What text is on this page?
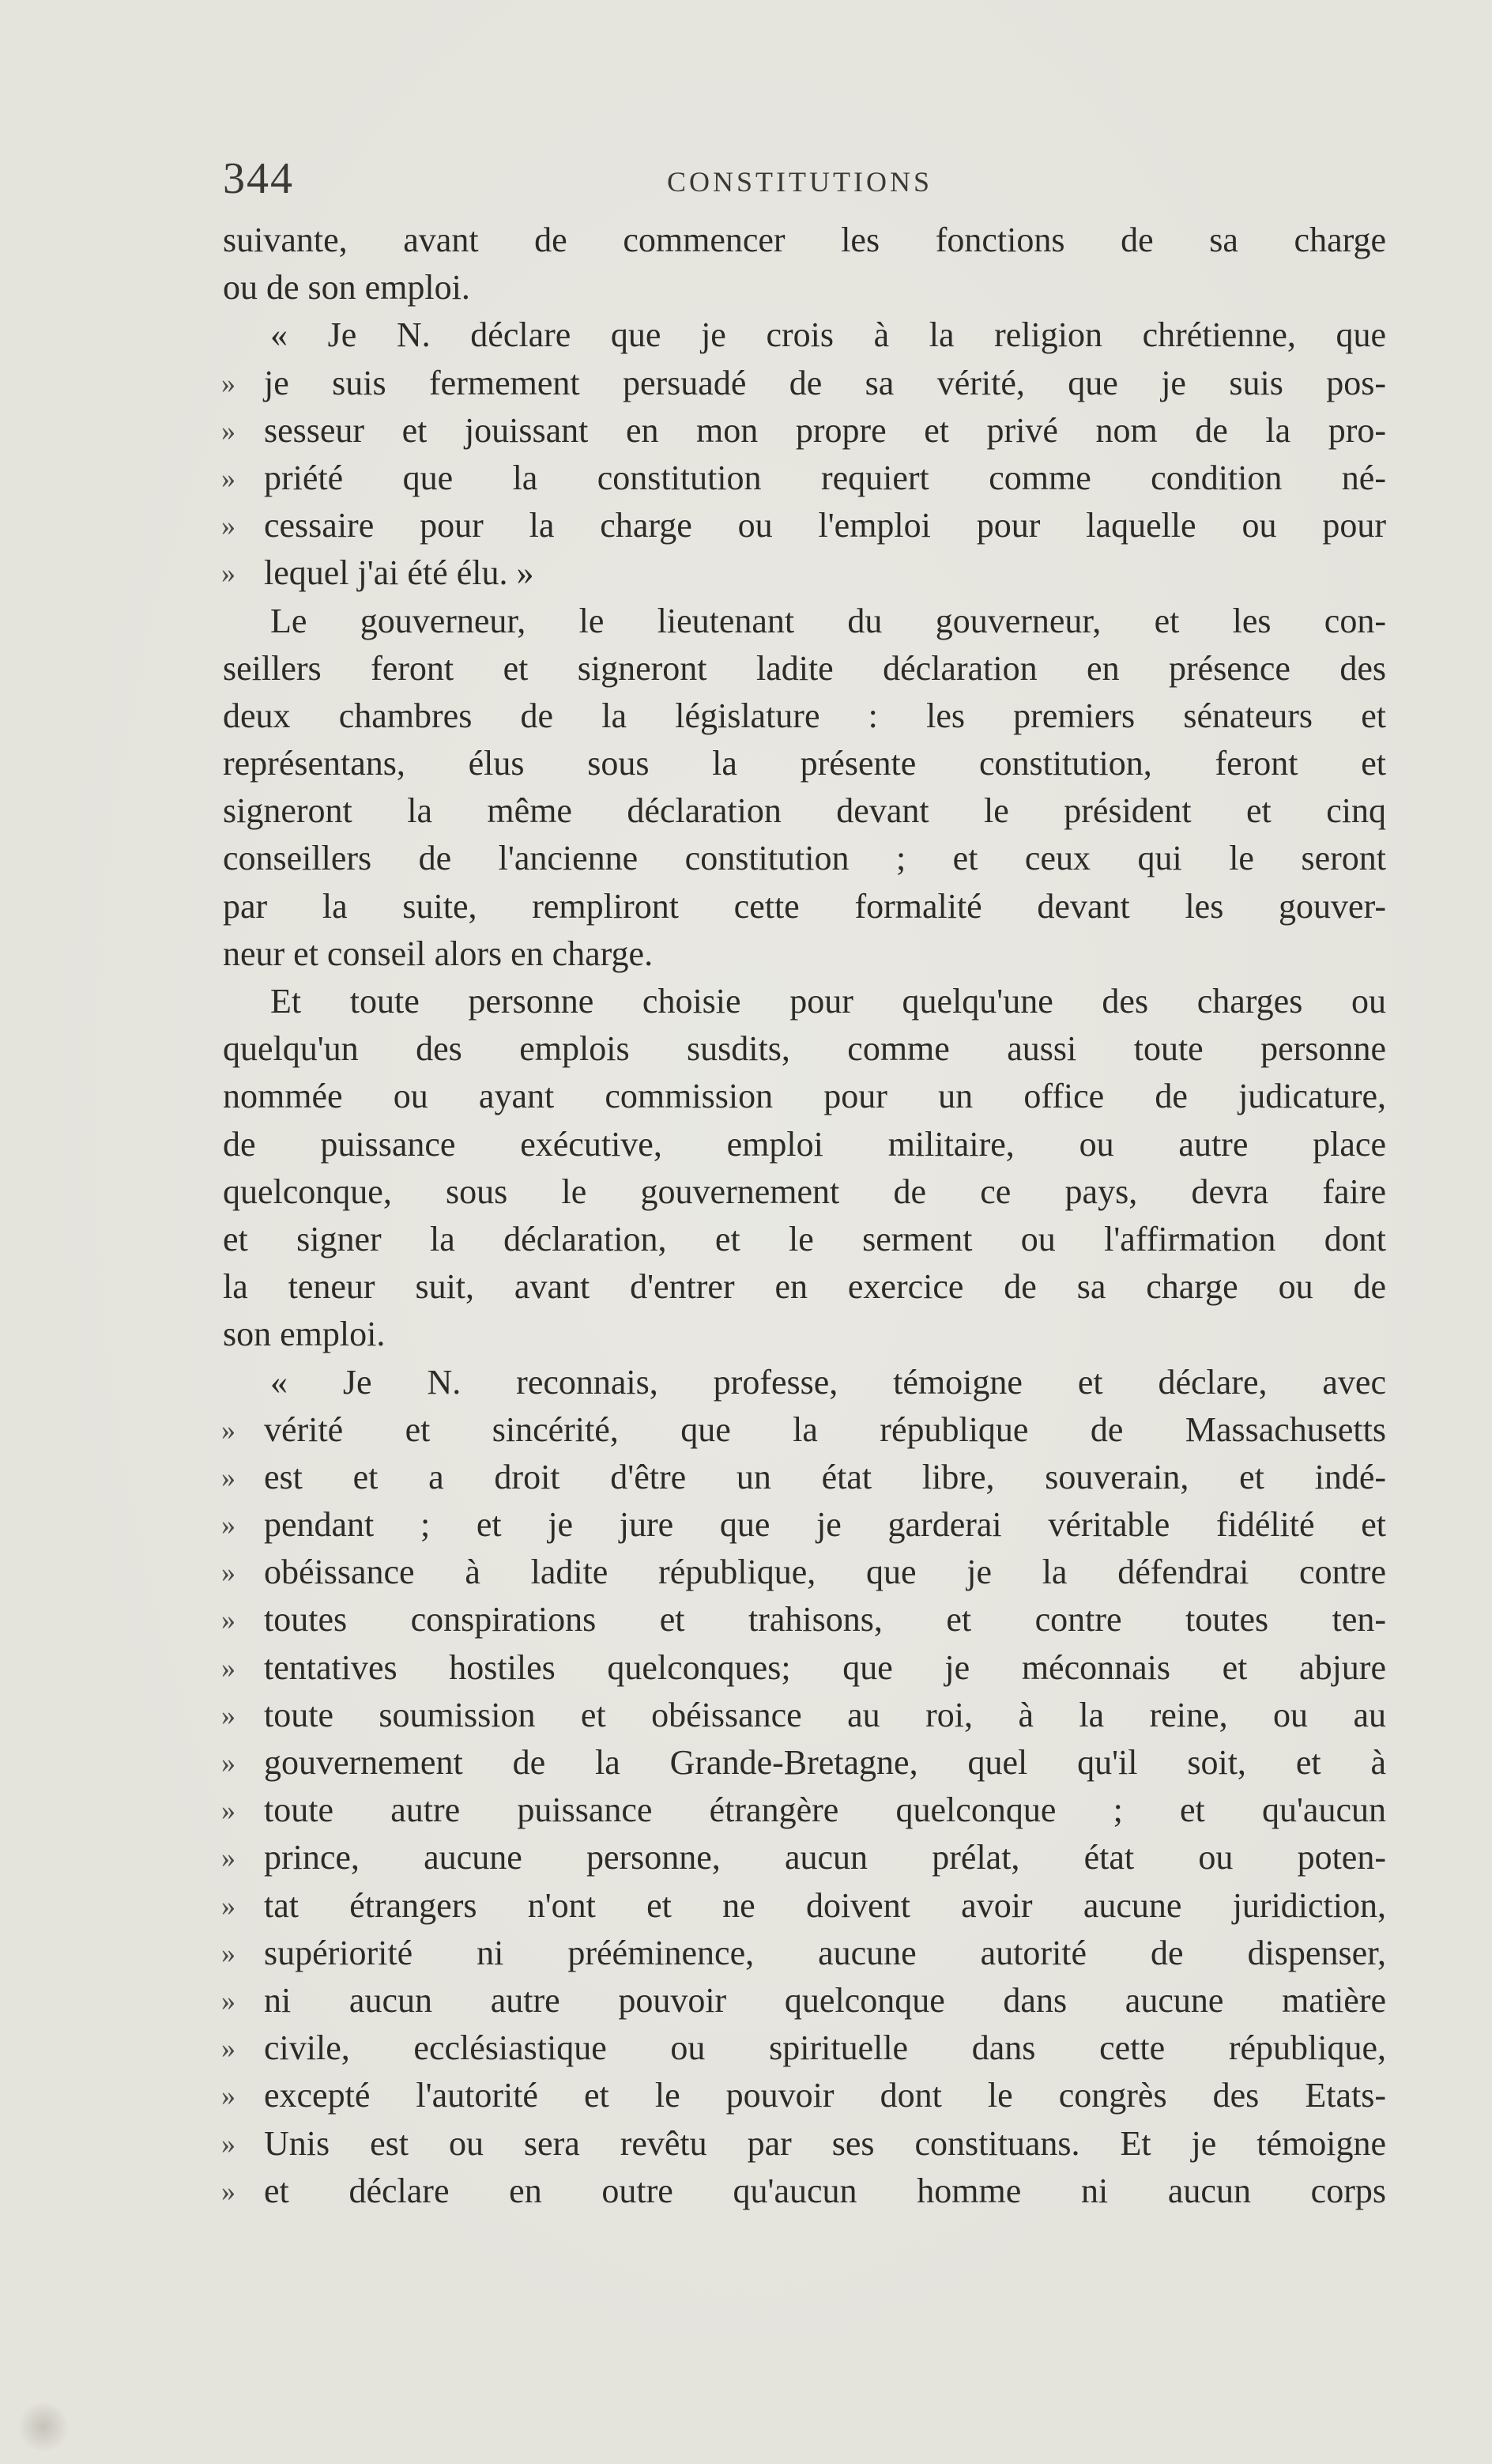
344	CONSTITUTIONS
suivante, avant de commencer les fonctions de sa charge
ou de son emploi.
« Je N. déclare que je crois à la religion chrétienne, que
» je suis fermement persuadé de sa vérité, que je suis pos-
» sesseur et jouissant en mon propre et privé nom de la pro-
» priété que la constitution requiert comme condition né-
» cessaire pour la charge ou l'emploi pour laquelle ou pour
» lequel j'ai été élu. »
Le gouverneur, le lieutenant du gouverneur, et les con-
seillers feront et signeront ladite déclaration en présence des
deux chambres de la législature : les premiers sénateurs et
représentans, élus sous la présente constitution, feront et
signeront la même déclaration devant le président et cinq
conseillers de l'ancienne constitution ; et ceux qui le seront
par la suite, rempliront cette formalité devant les gouver-
neur et conseil alors en charge.
Et toute personne choisie pour quelqu'une des charges ou
quelqu'un des emplois susdits, comme aussi toute personne
nommée ou ayant commission pour un office de judicature,
de puissance exécutive, emploi militaire, ou autre place
quelconque, sous le gouvernement de ce pays, devra faire
et signer la déclaration, et le serment ou l'affirmation dont
la teneur suit, avant d'entrer en exercice de sa charge ou de
son emploi.
« Je N. reconnais, professe, témoigne et déclare, avec
» vérité et sincérité, que la république de Massachusetts
» est et a droit d'être un état libre, souverain, et indé-
» pendant ; et je jure que je garderai véritable fidélité et
» obéissance à ladite république, que je la défendrai contre
» toutes conspirations et trahisons, et contre toutes ten-
» tentatives hostiles quelconques; que je méconnais et abjure
» toute soumission et obéissance au roi, à la reine, ou au
» gouvernement de la Grande-Bretagne, quel qu'il soit, et à
» toute autre puissance étrangère quelconque ; et qu'aucun
» prince, aucune personne, aucun prélat, état ou poten-
» tat étrangers n'ont et ne doivent avoir aucune juridiction,
» supériorité ni prééminence, aucune autorité de dispenser,
» ni aucun autre pouvoir quelconque dans aucune matière
» civile, ecclésiastique ou spirituelle dans cette république,
» excepté l'autorité et le pouvoir dont le congrès des Etats-
» Unis est ou sera revêtu par ses constituans. Et je témoigne
» et déclare en outre qu'aucun homme ni aucun corps
